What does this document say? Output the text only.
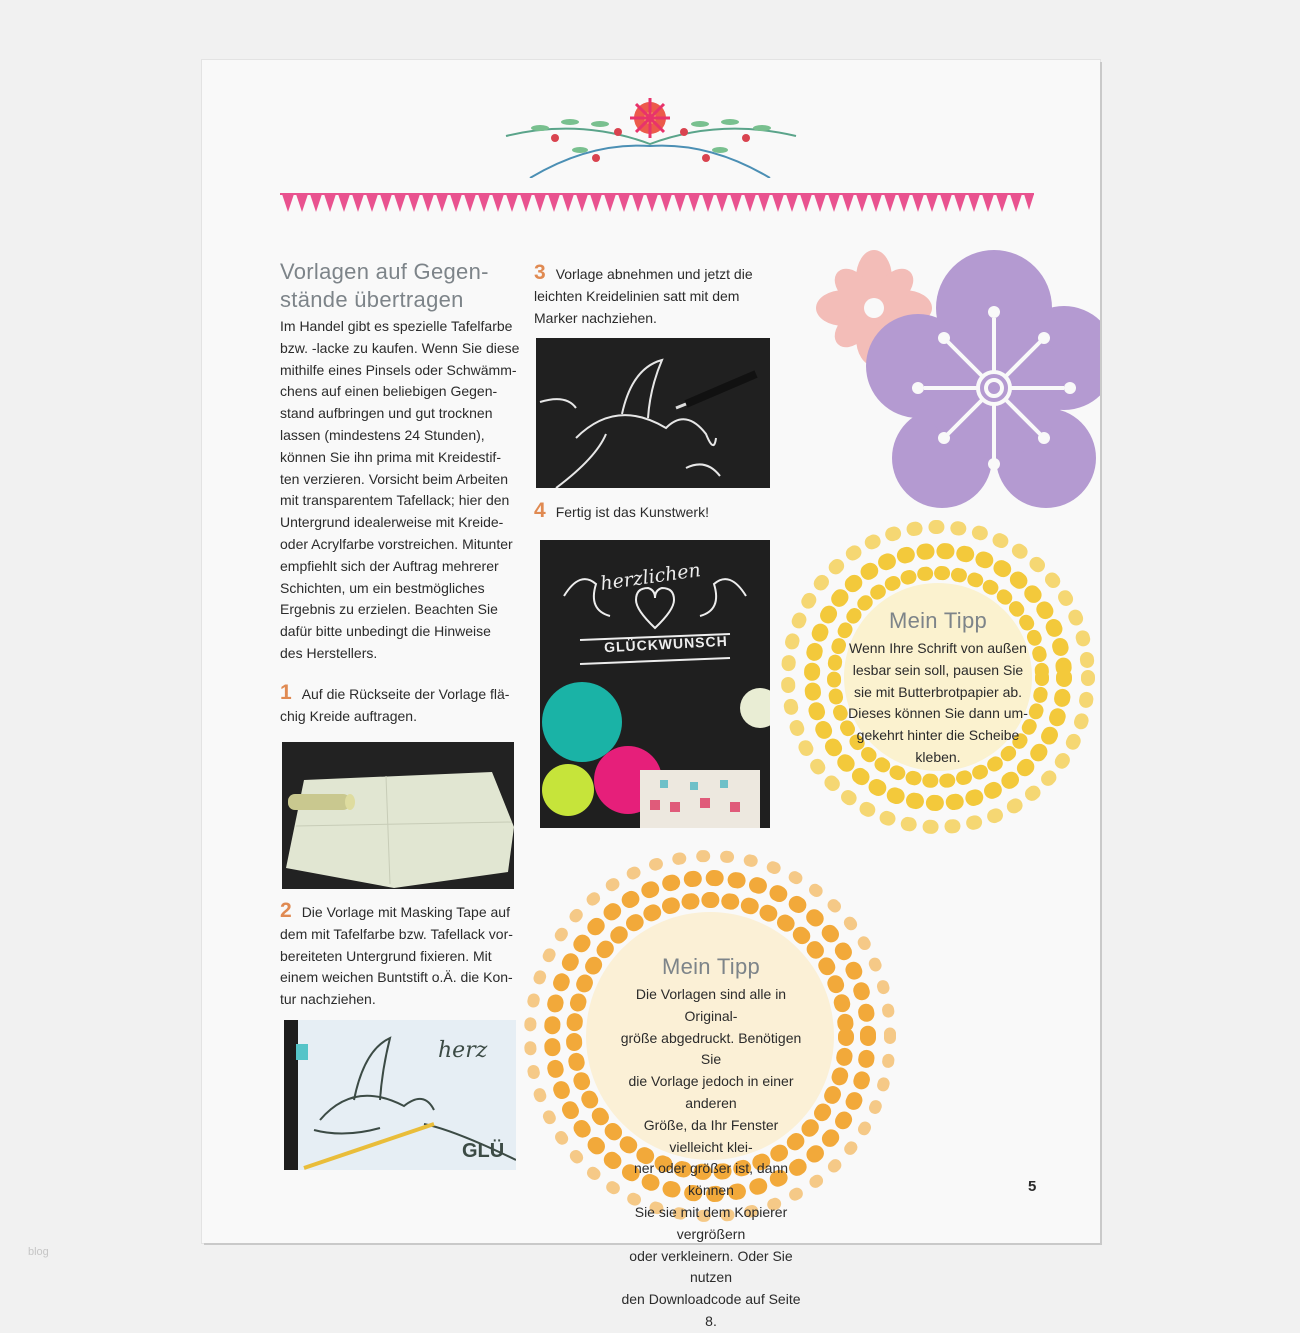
blog
Vorlagen auf Gegen-
stände übertragen

Im Handel gibt es spezielle Tafelfarbe

bzw. -lacke zu kaufen. Wenn Sie diese

mithilfe eines Pinsels oder Schwämm-

chens auf einen beliebigen Gegen-

stand aufbringen und gut trocknen

lassen (mindestens 24 Stunden),

können Sie ihn prima mit Kreidestif-

ten verzieren. Vorsicht beim Arbeiten

mit transparentem Tafellack; hier den

Untergrund idealerweise mit Kreide-

oder Acrylfarbe vorstreichen. Mitunter

empfiehlt sich der Auftrag mehrerer

Schichten, um ein bestmögliches

Ergebnis zu erzielen. Beachten Sie

dafür bitte unbedingt die Hinweise

des Herstellers.

1 Auf die Rückseite der Vorlage flä-
chig Kreide auftragen.
2 Die Vorlage mit Masking Tape auf
dem mit Tafelfarbe bzw. Tafellack vor-
bereiteten Untergrund fixieren. Mit
einem weichen Buntstift o.Ä. die Kon-
tur nachziehen.
herz
GLÜ
3 Vorlage abnehmen und jetzt die
leichten Kreidelinien satt mit dem
Marker nachziehen.
4 Fertig ist das Kunstwerk!
herzlichen
GLÜCKWUNSCH
Mein Tipp
Wenn Ihre Schrift von außen
lesbar sein soll, pausen Sie
sie mit Butterbrotpapier ab.
Dieses können Sie dann um-
gekehrt hinter die Scheibe
kleben.
Mein Tipp
Die Vorlagen sind alle in Original-
größe abgedruckt. Benötigen Sie
die Vorlage jedoch in einer anderen
Größe, da Ihr Fenster vielleicht klei-
ner oder größer ist, dann können
Sie sie mit dem Kopierer vergrößern
oder verkleinern. Oder Sie nutzen
den Downloadcode auf Seite 8.
5
